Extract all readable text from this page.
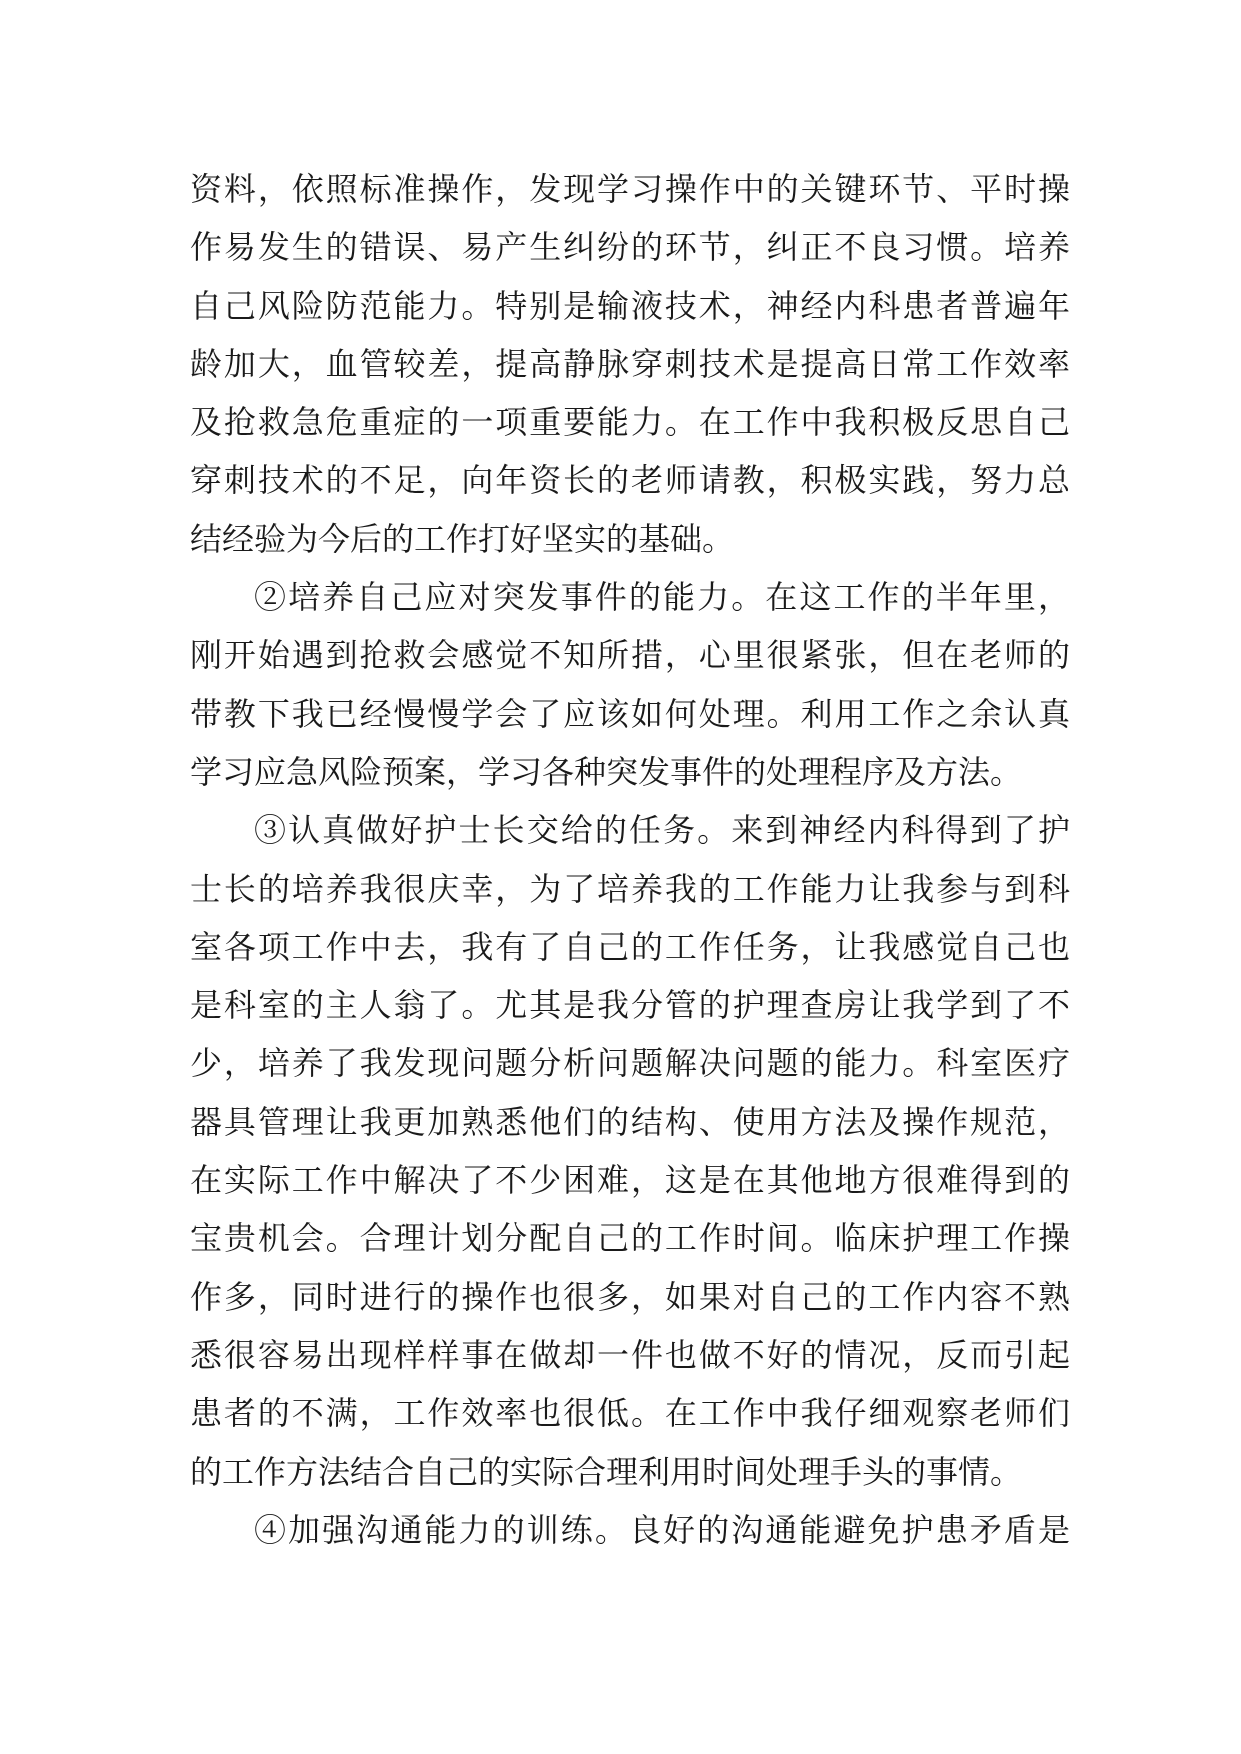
资料，依照标准操作，发现学习操作中的关键环节、平时操
作易发生的错误、易产生纠纷的环节，纠正不良习惯。培养
自己风险防范能力。特别是输液技术，神经内科患者普遍年
龄加大，血管较差，提高静脉穿刺技术是提高日常工作效率
及抢救急危重症的一项重要能力。在工作中我积极反思自己
穿刺技术的不足，向年资长的老师请教，积极实践，努力总
结经验为今后的工作打好坚实的基础。
②培养自己应对突发事件的能力。在这工作的半年里，
刚开始遇到抢救会感觉不知所措，心里很紧张，但在老师的
带教下我已经慢慢学会了应该如何处理。利用工作之余认真
学习应急风险预案，学习各种突发事件的处理程序及方法。
③认真做好护士长交给的任务。来到神经内科得到了护
士长的培养我很庆幸，为了培养我的工作能力让我参与到科
室各项工作中去，我有了自己的工作任务，让我感觉自己也
是科室的主人翁了。尤其是我分管的护理查房让我学到了不
少，培养了我发现问题分析问题解决问题的能力。科室医疗
器具管理让我更加熟悉他们的结构、使用方法及操作规范，
在实际工作中解决了不少困难，这是在其他地方很难得到的
宝贵机会。合理计划分配自己的工作时间。临床护理工作操
作多，同时进行的操作也很多，如果对自己的工作内容不熟
悉很容易出现样样事在做却一件也做不好的情况，反而引起
患者的不满，工作效率也很低。在工作中我仔细观察老师们
的工作方法结合自己的实际合理利用时间处理手头的事情。
④加强沟通能力的训练。良好的沟通能避免护患矛盾是
